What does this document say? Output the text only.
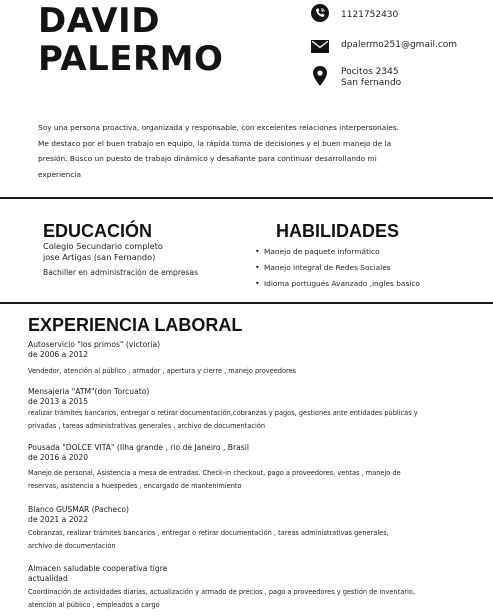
DAVID
PALERMO
1121752430
dpalermo251@gmail.com
Pocitos 2345
San fernando
Soy una persona proactiva, organizada y responsable, con excelentes relaciones interpersonales.
Me destaco por el buen trabajo en equipo, la rápida toma de decisiones y el buen manejo de la
presión. Busco un puesto de trabajo dinámico y desafiante para continuar desarrollando mi
experiencia
EDUCACIÓN
Colegio Secundario completo
jose Artigas (san Fernando)
Bachiller en administración de empresas
HABILIDADES
• Manejo de paquete informático
• Manejo integral de Redes Sociales
• Idioma portugués Avanzado ,ingles basico
EXPERIENCIA LABORAL
Autoservicio "los primos" (victoria)
de 2006 a 2012
Vendedor, atención al público , armador , apertura y cierre , manejo proveedores
Mensajeria "ATM"(don Torcuato)
de 2013 a 2015
realizar trámites bancarios, entregar o retirar documentación,cobranzas y pagos, gestiones ante entidades públicas y
privadas , tareas administrativas generales , archivo de documentación
Pousada "DOLCE VITA" (Ilha grande , rio de Janeiro , Brasil
de 2016 a 2020
Manejo de personal, Asistencia a mesa de entradas. Check-in checkout, pago a proveedores, ventas , manejo de
reservas, asistencia a huespedes , encargado de mantenimiento
Blanco GUSMAR (Pacheco)
de 2021 a 2022
Cobranzas, realizar trámites bancarios , entregar o retirar documentación , tareas administrativas generales,
archivo de documentación
Almacen saludable cooperativa tigre
actualidad
Coordinación de actividades diarias, actualización y armado de precios , pago a proveedores y gestión de inventario,
atención al público , empleados a cargo
